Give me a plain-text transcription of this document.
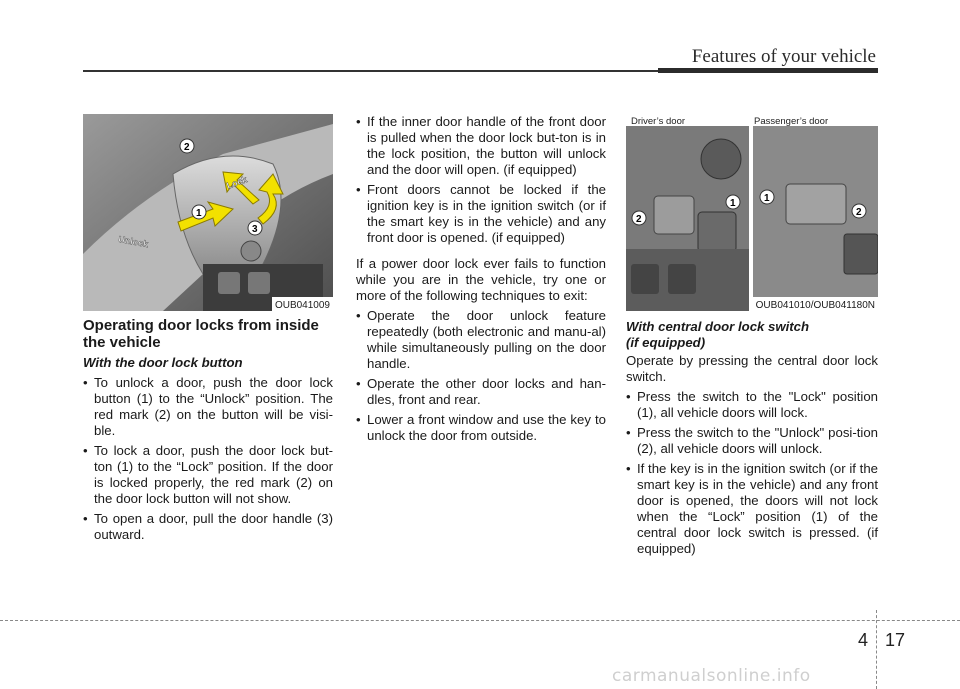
Features of your vehicle
Lock
Unlock
2
1
3
OUB041009
Operating door locks from inside the vehicle
With the door lock button
• To unlock a door, push the door lock button (1) to the “Unlock” position. The red mark (2) on the button will be visi-ble.
• To lock a door, push the door lock but-ton (1) to the “Lock” position. If the door is locked properly, the red mark (2) on the door lock button will not show.
• To open a door, pull the door handle (3) outward.
• If the inner door handle of the front door is pulled when the door lock but-ton is in the lock position, the button will unlock and the door will open. (if equipped)
• Front doors cannot be locked if the ignition key is in the ignition switch (or if the smart key is in the vehicle) and any front door is opened. (if equipped)

If a power door lock ever fails to function while you are in the vehicle, try one or more of the following techniques to exit:

• Operate the door unlock feature repeatedly (both electronic and manu-al) while simultaneously pulling on the door handle.
• Operate the other door locks and han-dles, front and rear.
• Lower a front window and use the key to unlock the door from outside.
1
2
1
2
Driver’s door	Passenger’s door
OUB041010/OUB041180N
With central door lock switch
(if equipped)

Operate by pressing the central door lock switch.

• Press the switch to the "Lock" position (1), all vehicle doors will lock.
• Press the switch to the "Unlock" posi-tion (2), all vehicle doors will unlock.
• If the key is in the ignition switch (or if the smart key is in the vehicle) and any front door is opened, the doors will not lock when the “Lock” position (1) of the central door lock switch is pressed. (if equipped)
4 17
carmanualsonline.info
